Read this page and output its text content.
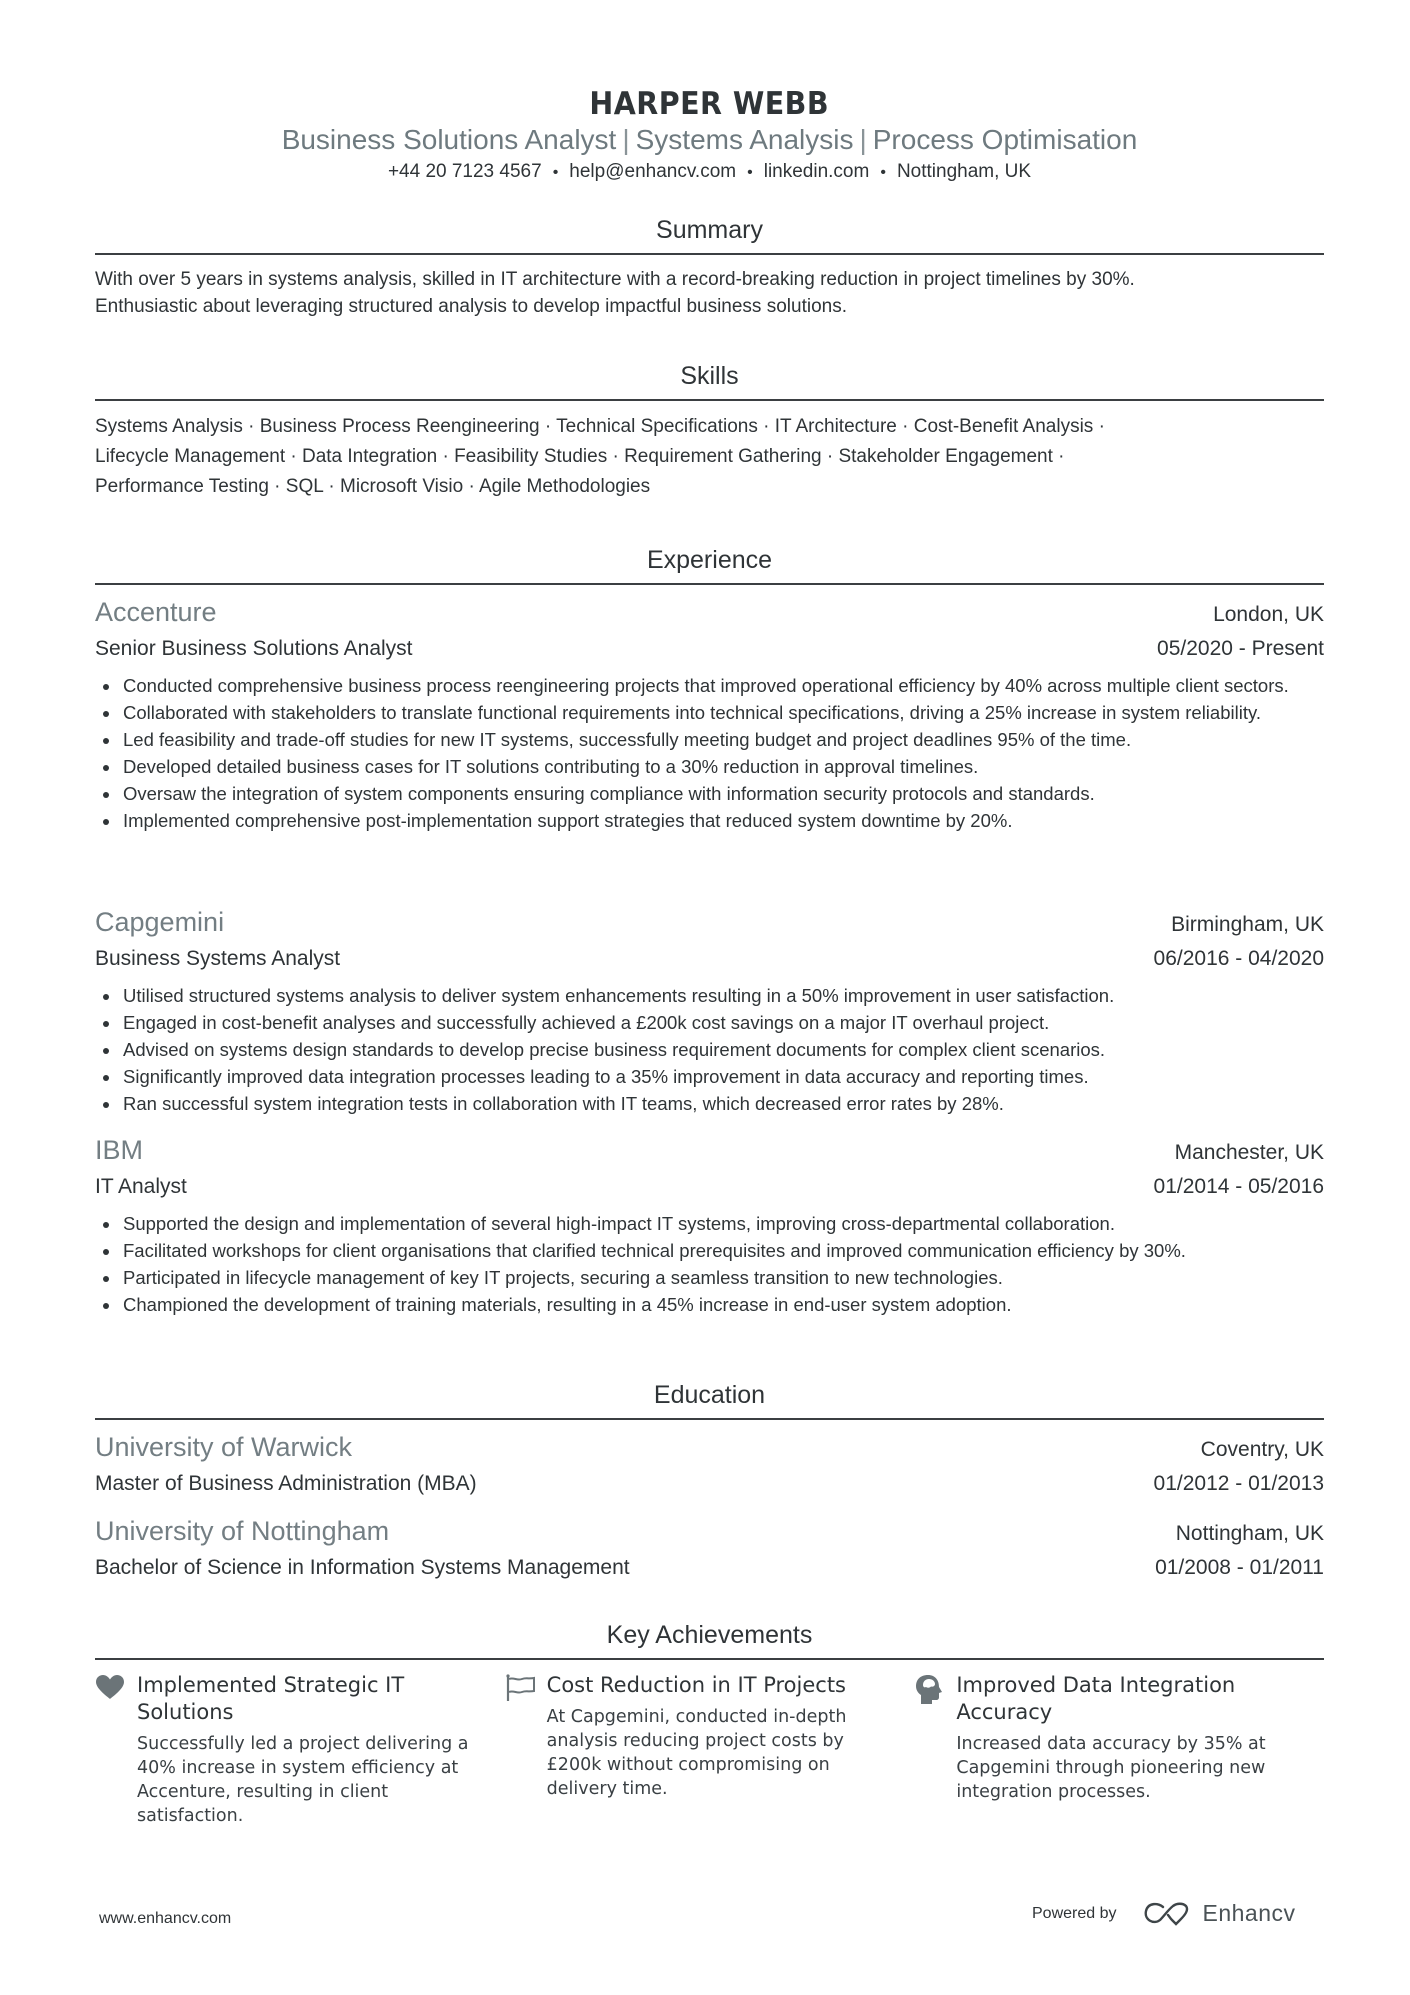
HARPER WEBB
Business Solutions Analyst | Systems Analysis | Process Optimisation
+44 20 7123 4567 • help@enhancv.com • linkedin.com • Nottingham, UK
Summary
With over 5 years in systems analysis, skilled in IT architecture with a record-breaking reduction in project timelines by 30%.
Enthusiastic about leveraging structured analysis to develop impactful business solutions.
Skills
Systems Analysis · Business Process Reengineering · Technical Specifications · IT Architecture · Cost-Benefit Analysis ·
Lifecycle Management · Data Integration · Feasibility Studies · Requirement Gathering · Stakeholder Engagement ·
Performance Testing · SQL · Microsoft Visio · Agile Methodologies
Experience
Accenture	London, UK
Senior Business Solutions Analyst	05/2020 - Present
Conducted comprehensive business process reengineering projects that improved operational efficiency by 40% across multiple client sectors.
Collaborated with stakeholders to translate functional requirements into technical specifications, driving a 25% increase in system reliability.
Led feasibility and trade-off studies for new IT systems, successfully meeting budget and project deadlines 95% of the time.
Developed detailed business cases for IT solutions contributing to a 30% reduction in approval timelines.
Oversaw the integration of system components ensuring compliance with information security protocols and standards.
Implemented comprehensive post-implementation support strategies that reduced system downtime by 20%.
Capgemini	Birmingham, UK
Business Systems Analyst	06/2016 - 04/2020
Utilised structured systems analysis to deliver system enhancements resulting in a 50% improvement in user satisfaction.
Engaged in cost-benefit analyses and successfully achieved a £200k cost savings on a major IT overhaul project.
Advised on systems design standards to develop precise business requirement documents for complex client scenarios.
Significantly improved data integration processes leading to a 35% improvement in data accuracy and reporting times.
Ran successful system integration tests in collaboration with IT teams, which decreased error rates by 28%.
IBM	Manchester, UK
IT Analyst	01/2014 - 05/2016
Supported the design and implementation of several high-impact IT systems, improving cross-departmental collaboration.
Facilitated workshops for client organisations that clarified technical prerequisites and improved communication efficiency by 30%.
Participated in lifecycle management of key IT projects, securing a seamless transition to new technologies.
Championed the development of training materials, resulting in a 45% increase in end-user system adoption.
Education
University of Warwick	Coventry, UK
Master of Business Administration (MBA)	01/2012 - 01/2013
University of Nottingham	Nottingham, UK
Bachelor of Science in Information Systems Management	01/2008 - 01/2011
Key Achievements
Implemented Strategic IT Solutions
Successfully led a project delivering a 40% increase in system efficiency at Accenture, resulting in client satisfaction.
Cost Reduction in IT Projects
At Capgemini, conducted in-depth analysis reducing project costs by £200k without compromising on delivery time.
Improved Data Integration Accuracy
Increased data accuracy by 35% at Capgemini through pioneering new integration processes.
www.enhancv.com	Powered by	Enhancv
